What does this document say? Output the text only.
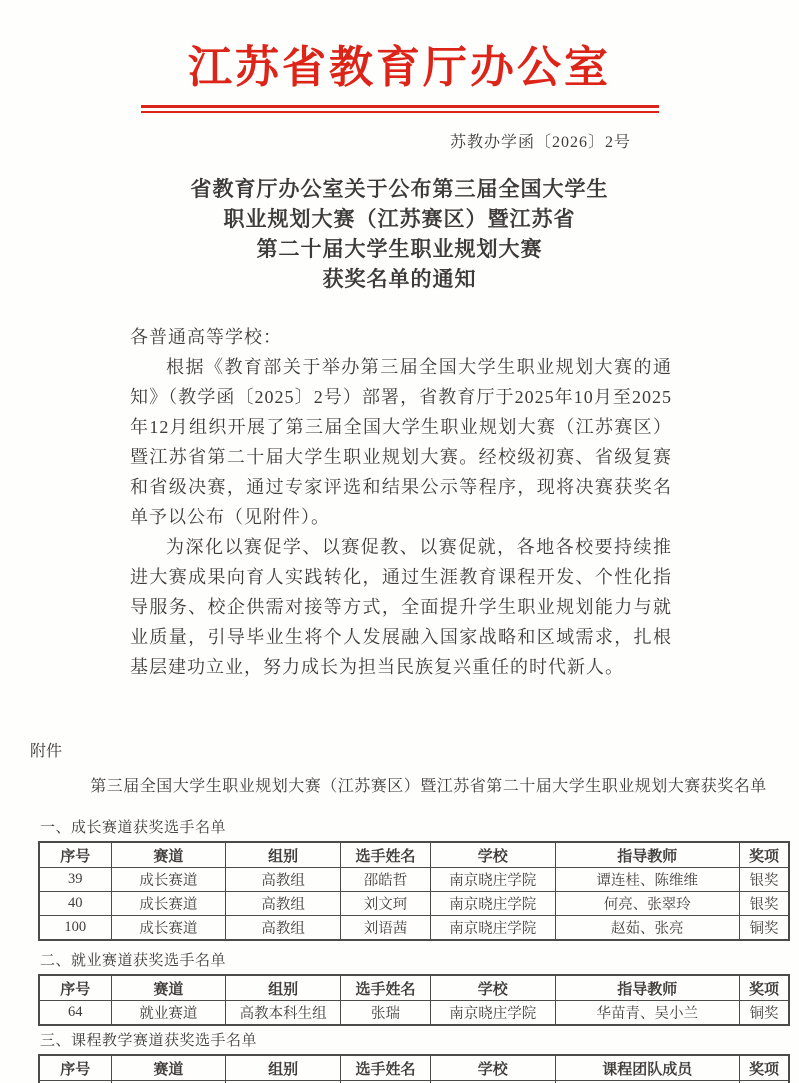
江苏省教育厅办公室
苏教办学函〔2026〕2号
省教育厅办公室关于公布第三届全国大学生
职业规划大赛（江苏赛区）暨江苏省
第二十届大学生职业规划大赛
获奖名单的通知

各普通高等学校：

根据《教育部关于举办第三届全国大学生职业规划大赛的通知》（教学函〔2025〕2号）部署，省教育厅于2025年10月至2025年12月组织开展了第三届全国大学生职业规划大赛（江苏赛区）暨江苏省第二十届大学生职业规划大赛。经校级初赛、省级复赛和省级决赛，通过专家评选和结果公示等程序，现将决赛获奖名单予以公布（见附件）。

为深化以赛促学、以赛促教、以赛促就，各地各校要持续推进大赛成果向育人实践转化，通过生涯教育课程开发、个性化指导服务、校企供需对接等方式，全面提升学生职业规划能力与就业质量，引导毕业生将个人发展融入国家战略和区域需求，扎根基层建功立业，努力成长为担当民族复兴重任的时代新人。

附件
第三届全国大学生职业规划大赛（江苏赛区）暨江苏省第二十届大学生职业规划大赛获奖名单
一、成长赛道获奖选手名单
序号	赛道	组别	选手姓名	学校	指导教师	奖项
39	成长赛道	高教组	邵皓哲	南京晓庄学院	谭连桂、陈维维	银奖
40	成长赛道	高教组	刘文珂	南京晓庄学院	何亮、张翠玲	银奖
100	成长赛道	高教组	刘语茜	南京晓庄学院	赵茹、张亮	铜奖
二、就业赛道获奖选手名单
序号	赛道	组别	选手姓名	学校	指导教师	奖项
64	就业赛道	高教本科生组	张瑞	南京晓庄学院	华苗青、吴小兰	铜奖
三、课程教学赛道获奖选手名单
序号	赛道	组别	选手姓名	学校	课程团队成员	奖项
